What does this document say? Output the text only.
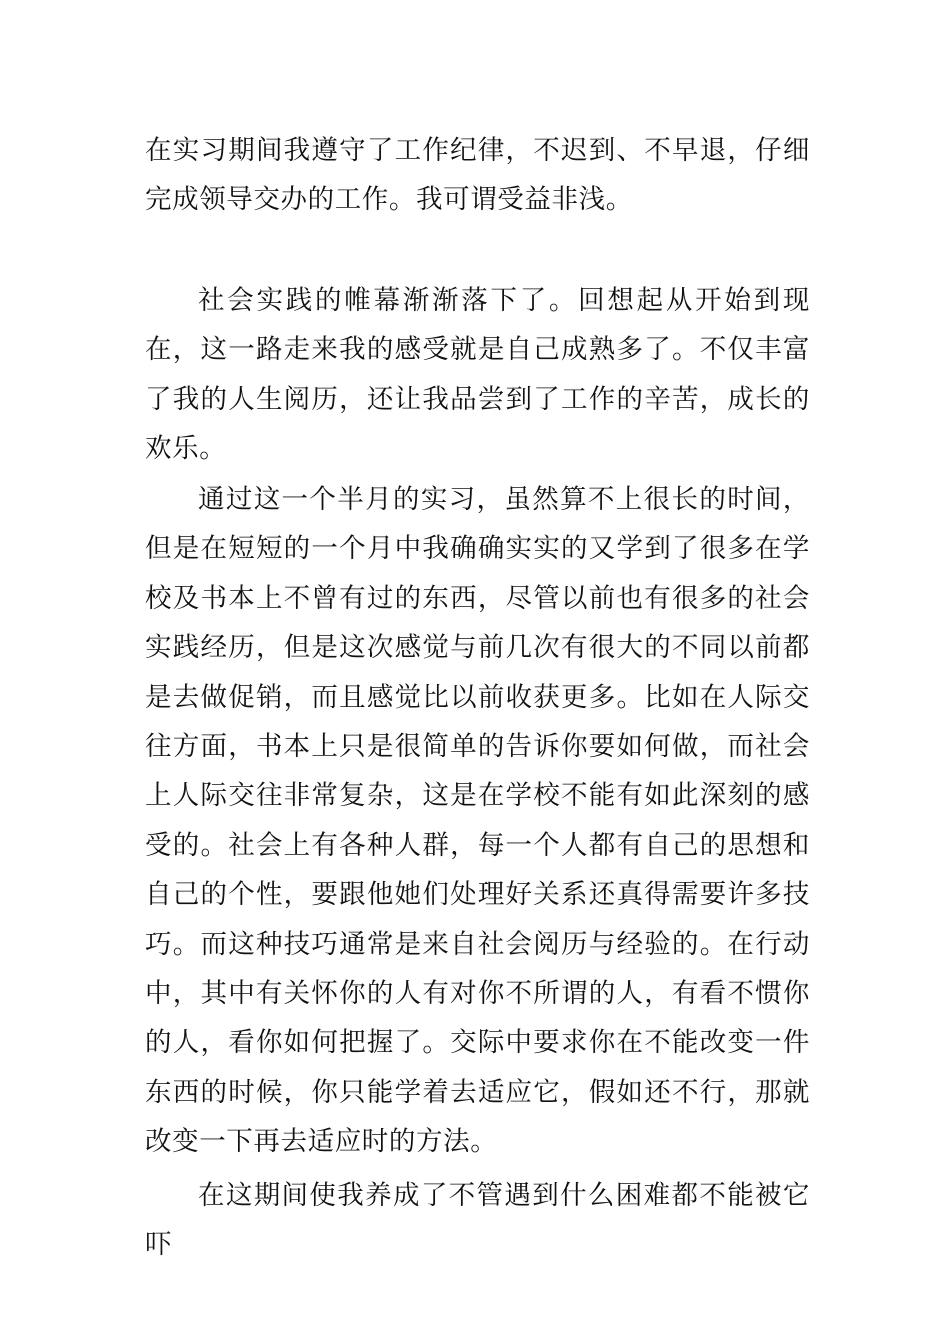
在实习期间我遵守了工作纪律，不迟到、不早退，仔细完成领导交办的工作。我可谓受益非浅。

社会实践的帷幕渐渐落下了。回想起从开始到现在，这一路走来我的感受就是自己成熟多了。不仅丰富了我的人生阅历，还让我品尝到了工作的辛苦，成长的欢乐。

通过这一个半月的实习，虽然算不上很长的时间，但是在短短的一个月中我确确实实的又学到了很多在学校及书本上不曾有过的东西，尽管以前也有很多的社会实践经历，但是这次感觉与前几次有很大的不同以前都是去做促销，而且感觉比以前收获更多。比如在人际交往方面，书本上只是很简单的告诉你要如何做，而社会上人际交往非常复杂，这是在学校不能有如此深刻的感受的。社会上有各种人群，每一个人都有自己的思想和自己的个性，要跟他她们处理好关系还真得需要许多技巧。而这种技巧通常是来自社会阅历与经验的。在行动中，其中有关怀你的人有对你不所谓的人，有看不惯你的人，看你如何把握了。交际中要求你在不能改变一件东西的时候，你只能学着去适应它，假如还不行，那就改变一下再去适应时的方法。

在这期间使我养成了不管遇到什么困难都不能被它吓
